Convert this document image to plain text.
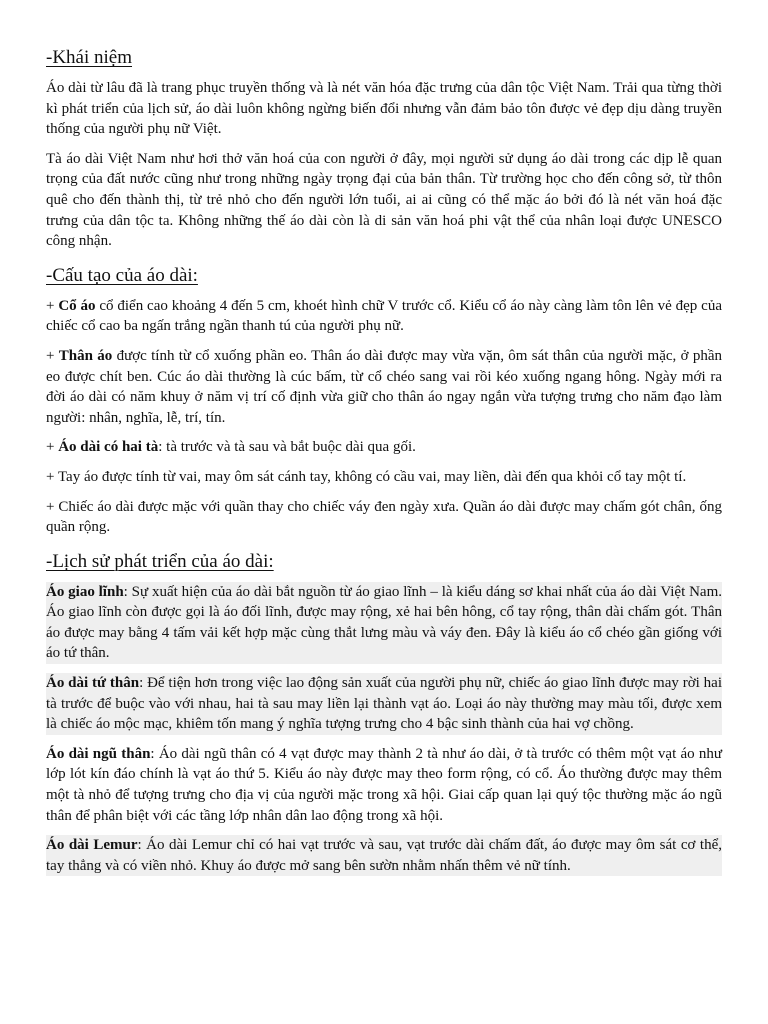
-Khái niệm

Áo dài từ lâu đã là trang phục truyền thống và là nét văn hóa đặc trưng của dân tộc Việt Nam. Trải qua từng thời kì phát triển của lịch sử, áo dài luôn không ngừng biến đổi nhưng vẫn đảm bảo tôn được vẻ đẹp dịu dàng truyền thống của người phụ nữ Việt.

Tà áo dài Việt Nam như hơi thở văn hoá của con người ở đây, mọi người sử dụng áo dài trong các dịp lễ quan trọng của đất nước cũng như trong những ngày trọng đại của bản thân. Từ trường học cho đến công sở, từ thôn quê cho đến thành thị, từ trẻ nhỏ cho đến người lớn tuổi, ai ai cũng có thể mặc áo bởi đó là nét văn hoá đặc trưng của dân tộc ta. Không những thế áo dài còn là di sản văn hoá phi vật thể của nhân loại được UNESCO công nhận.

-Cấu tạo của áo dài:

+ Cổ áo cổ điển cao khoảng 4 đến 5 cm, khoét hình chữ V trước cổ. Kiểu cổ áo này càng làm tôn lên vẻ đẹp của chiếc cổ cao ba ngấn trắng ngần thanh tú của người phụ nữ.

+ Thân áo được tính từ cổ xuống phần eo. Thân áo dài được may vừa vặn, ôm sát thân của người mặc, ở phần eo được chít ben. Cúc áo dài thường là cúc bấm, từ cổ chéo sang vai rồi kéo xuống ngang hông. Ngày mới ra đời áo dài có năm khuy ở năm vị trí cố định vừa giữ cho thân áo ngay ngắn vừa tượng trưng cho năm đạo làm người: nhân, nghĩa, lễ, trí, tín.

+ Áo dài có hai tà: tà trước và tà sau và bắt buộc dài qua gối.

+ Tay áo được tính từ vai, may ôm sát cánh tay, không có cầu vai, may liền, dài đến qua khỏi cổ tay một tí.

+ Chiếc áo dài được mặc với quần thay cho chiếc váy đen ngày xưa. Quần áo dài được may chấm gót chân, ống quần rộng.

-Lịch sử phát triển của áo dài:

Áo giao lĩnh: Sự xuất hiện của áo dài bắt nguồn từ áo giao lĩnh – là kiểu dáng sơ khai nhất của áo dài Việt Nam. Áo giao lĩnh còn được gọi là áo đối lĩnh, được may rộng, xẻ hai bên hông, cổ tay rộng, thân dài chấm gót. Thân áo được may bằng 4 tấm vải kết hợp mặc cùng thắt lưng màu và váy đen. Đây là kiểu áo cổ chéo gần giống với áo tứ thân.

Áo dài tứ thân: Để tiện hơn trong việc lao động sản xuất của người phụ nữ, chiếc áo giao lĩnh được may rời hai tà trước để buộc vào với nhau, hai tà sau may liền lại thành vạt áo. Loại áo này thường may màu tối, được xem là chiếc áo mộc mạc, khiêm tốn mang ý nghĩa tượng trưng cho 4 bậc sinh thành của hai vợ chồng.

Áo dài ngũ thân: Áo dài ngũ thân có 4 vạt được may thành 2 tà như áo dài, ở tà trước có thêm một vạt áo như lớp lót kín đáo chính là vạt áo thứ 5. Kiểu áo này được may theo form rộng, có cổ. Áo thường được may thêm một tà nhỏ để tượng trưng cho địa vị của người mặc trong xã hội. Giai cấp quan lại quý tộc thường mặc áo ngũ thân để phân biệt với các tầng lớp nhân dân lao động trong xã hội.

Áo dài Lemur: Áo dài Lemur chỉ có hai vạt trước và sau, vạt trước dài chấm đất, áo được may ôm sát cơ thể, tay thẳng và có viền nhỏ. Khuy áo được mở sang bên sườn nhằm nhấn thêm vẻ nữ tính.
